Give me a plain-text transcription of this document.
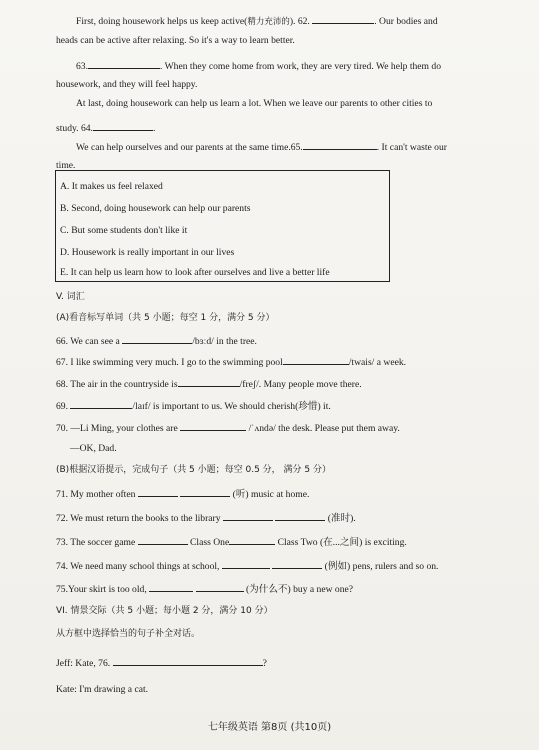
First, doing housework helps us keep active(精力充沛的). 62.	. Our bodies and
heads can be active after relaxing. So it's a way to learn better.
63.	. When they come home from work, they are very tired. We help them do
housework, and they will feel happy.
At last, doing housework can help us learn a lot. When we leave our parents to other cities to
study. 64.	.
We can help ourselves and our parents at the same time.65.	. It can't waste our
time.
A. It makes us feel relaxed
B. Second, doing housework can help our parents
C. But some students don't like it
D. Housework is really important in our lives
E. It can help us learn how to look after ourselves and live a better life
V. 词汇
(A)看音标写单词（共 5 小题；每空 1 分，满分 5 分）
66. We can see a	/bɜːd/ in the tree.
67. I like swimming very much. I go to the swimming pool	/twais/ a week.
68. The air in the countryside is	/freʃ/. Many people move there.
69.	/laɪf/ is important to us. We should cherish(珍惜) it.
70. —Li Ming, your clothes are	/ˈʌndə/ the desk. Please put them away.
—OK, Dad.
(B)根据汉语提示，完成句子（共 5 小题；每空 0.5 分， 满分 5 分）
71. My mother often	(听) music at home.
72. We must return the books to the library	(准时).
73. The soccer game	Class One	Class Two (在...之间) is exciting.
74. We need many school things at school,	(例如) pens, rulers and so on.
75.Your skirt is too old,	(为什么不) buy a new one?
VI. 情景交际（共 5 小题；每小题 2 分，满分 10 分）
从方框中选择恰当的句子补全对话。
Jeff: Kate, 76.	?
Kate: I'm drawing a cat.
七年级英语 第8页 (共10页)
